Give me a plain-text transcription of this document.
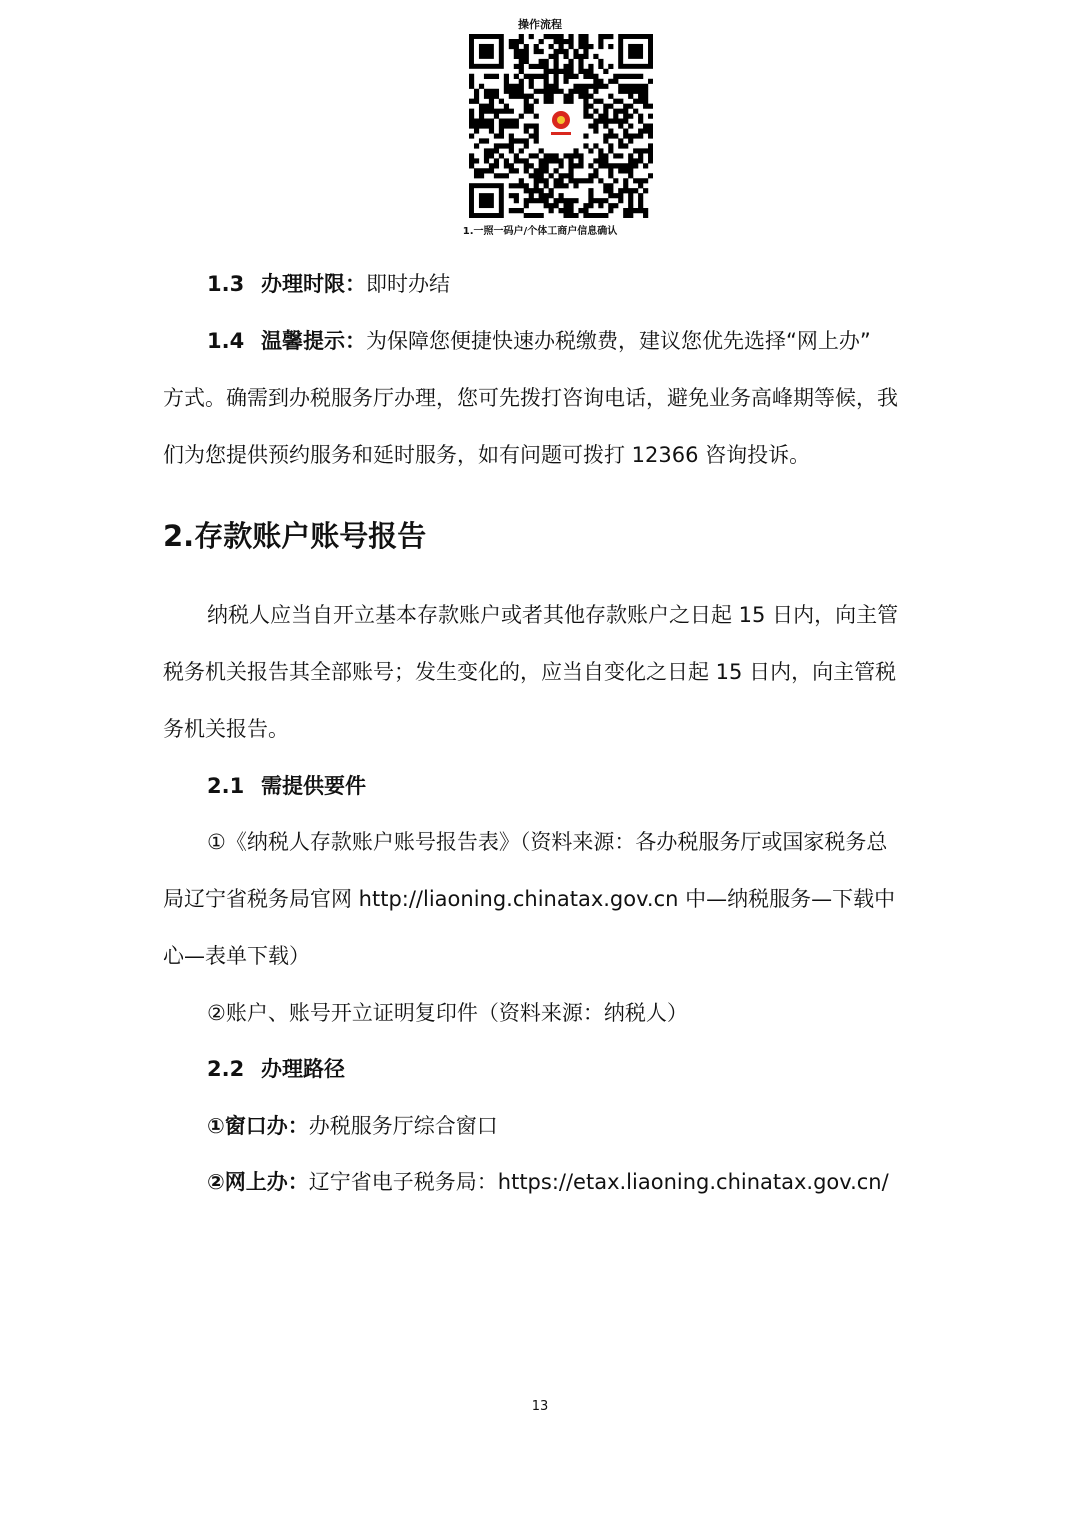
操作流程
1.一照一码户/个体工商户信息确认
1.3 办理时限：即时办结
1.4 温馨提示：为保障您便捷快速办税缴费，建议您优先选择“网上办”
方式。确需到办税服务厅办理，您可先拨打咨询电话，避免业务高峰期等候，我
们为您提供预约服务和延时服务，如有问题可拨打 12366 咨询投诉。
2.存款账户账号报告
纳税人应当自开立基本存款账户或者其他存款账户之日起 15 日内，向主管
税务机关报告其全部账号；发生变化的，应当自变化之日起 15 日内，向主管税
务机关报告。
2.1 需提供要件
①《纳税人存款账户账号报告表》（资料来源：各办税服务厅或国家税务总
局辽宁省税务局官网 http://liaoning.chinatax.gov.cn 中—纳税服务—下载中
心—表单下载）
②账户、账号开立证明复印件（资料来源：纳税人）
2.2 办理路径
①窗口办：办税服务厅综合窗口
②网上办：辽宁省电子税务局：https://etax.liaoning.chinatax.gov.cn/
13
